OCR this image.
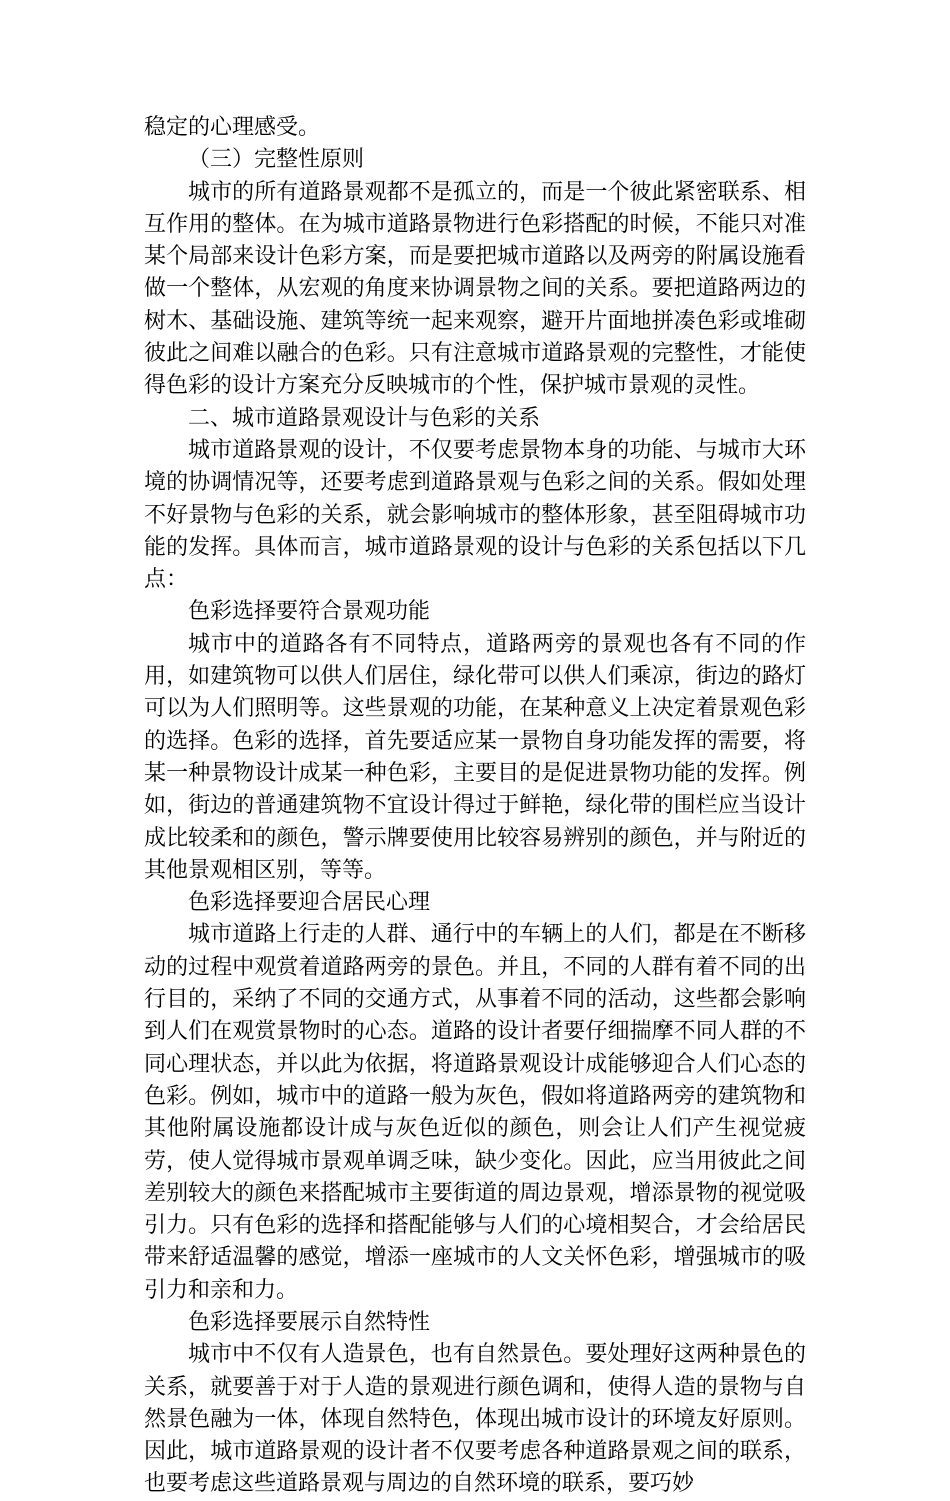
稳定的心理感受。

（三）完整性原则

城市的所有道路景观都不是孤立的，而是一个彼此紧密联系、相互作用的整体。在为城市道路景物进行色彩搭配的时候，不能只对准某个局部来设计色彩方案，而是要把城市道路以及两旁的附属设施看做一个整体，从宏观的角度来协调景物之间的关系。要把道路两边的树木、基础设施、建筑等统一起来观察，避开片面地拼凑色彩或堆砌彼此之间难以融合的色彩。只有注意城市道路景观的完整性，才能使得色彩的设计方案充分反映城市的个性，保护城市景观的灵性。

二、城市道路景观设计与色彩的关系

城市道路景观的设计，不仅要考虑景物本身的功能、与城市大环境的协调情况等，还要考虑到道路景观与色彩之间的关系。假如处理不好景物与色彩的关系，就会影响城市的整体形象，甚至阻碍城市功能的发挥。具体而言，城市道路景观的设计与色彩的关系包括以下几点：

色彩选择要符合景观功能

城市中的道路各有不同特点，道路两旁的景观也各有不同的作用，如建筑物可以供人们居住，绿化带可以供人们乘凉，街边的路灯可以为人们照明等。这些景观的功能，在某种意义上决定着景观色彩的选择。色彩的选择，首先要适应某一景物自身功能发挥的需要，将某一种景物设计成某一种色彩，主要目的是促进景物功能的发挥。例如，街边的普通建筑物不宜设计得过于鲜艳，绿化带的围栏应当设计成比较柔和的颜色，警示牌要使用比较容易辨别的颜色，并与附近的其他景观相区别，等等。

色彩选择要迎合居民心理

城市道路上行走的人群、通行中的车辆上的人们，都是在不断移动的过程中观赏着道路两旁的景色。并且，不同的人群有着不同的出行目的，采纳了不同的交通方式，从事着不同的活动，这些都会影响到人们在观赏景物时的心态。道路的设计者要仔细揣摩不同人群的不同心理状态，并以此为依据，将道路景观设计成能够迎合人们心态的色彩。例如，城市中的道路一般为灰色，假如将道路两旁的建筑物和其他附属设施都设计成与灰色近似的颜色，则会让人们产生视觉疲劳，使人觉得城市景观单调乏味，缺少变化。因此，应当用彼此之间差别较大的颜色来搭配城市主要街道的周边景观，增添景物的视觉吸引力。只有色彩的选择和搭配能够与人们的心境相契合，才会给居民带来舒适温馨的感觉，增添一座城市的人文关怀色彩，增强城市的吸引力和亲和力。

色彩选择要展示自然特性

城市中不仅有人造景色，也有自然景色。要处理好这两种景色的关系，就要善于对于人造的景观进行颜色调和，使得人造的景物与自然景色融为一体，体现自然特色，体现出城市设计的环境友好原则。因此，城市道路景观的设计者不仅要考虑各种道路景观之间的联系，也要考虑这些道路景观与周边的自然环境的联系，要巧妙
